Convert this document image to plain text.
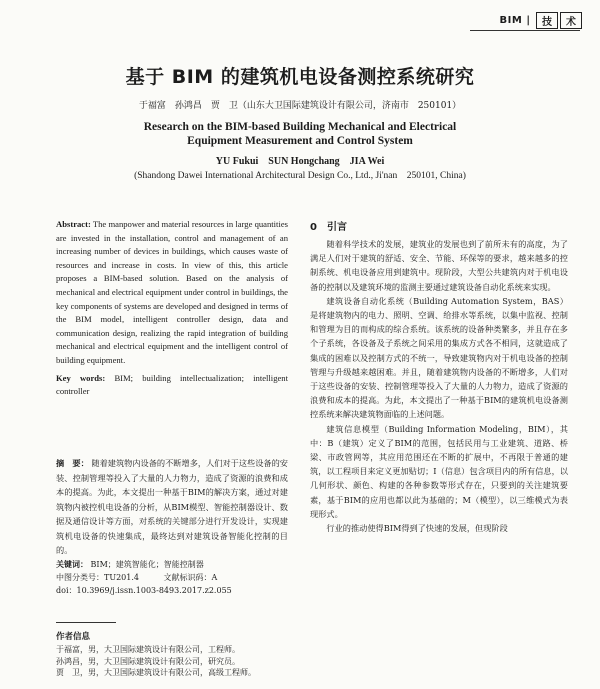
BIM |	技	术
基于 BIM 的建筑机电设备测控系统研究
于福富　孙鸿昌　贾　卫（山东大卫国际建筑设计有限公司，济南市　250101）
Research on the BIM-based Building Mechanical and Electrical
Equipment Measurement and Control System
YU Fukui　SUN Hongchang　JIA Wei
(Shandong Dawei International Architectural Design Co., Ltd., Ji'nan　250101, China)
Abstract: The manpower and material resources in large quantities are invested in the installation, control and management of an increasing number of devices in buildings, which causes waste of resources and increase in costs. In view of this, this article proposes a BIM-based solution. Based on the analysis of mechanical and electrical equipment under control in buildings, the key components of systems are developed and designed in terms of the BIM model, intelligent controller design, data and communication design, realizing the rapid integration of building mechanical and electrical equipment and the intelligent control of building equipment.
Key words: BIM; building intellectualization; intelligent controller
摘　要： 随着建筑物内设备的不断增多，人们对于这些设备的安装、控制管理等投入了大量的人力物力，造成了资源的浪费和成本的提高。为此，本文提出一种基于BIM的解决方案，通过对建筑物内被控机电设备的分析，从BIM模型、智能控制器设计、数据及通信设计等方面，对系统的关键部分进行开发设计，实现建筑机电设备的快速集成，最终达到对建筑设备智能化控制的目的。
关键词： BIM；建筑智能化；智能控制器
中图分类号：TU201.4	文献标识码：A
doi：10.3969/j.issn.1003-8493.2017.z2.055
0　引言

随着科学技术的发展，建筑业的发展也到了前所未有的高度，为了满足人们对于建筑的舒适、安全、节能、环保等的要求，越来越多的控制系统、机电设备应用到建筑中。现阶段，大型公共建筑内对于机电设备的控制以及建筑环境的监测主要通过建筑设备自动化系统来实现。

建筑设备自动化系统（Building Automation System，BAS）是将建筑物内的电力、照明、空调、给排水等系统，以集中监视、控制和管理为目的而构成的综合系统。该系统的设备种类繁多，并且存在多个子系统，各设备及子系统之间采用的集成方式各不相同，这就造成了集成的困难以及控制方式的不统一，导致建筑物内对于机电设备的控制管理与升级越来越困难。并且，随着建筑物内设备的不断增多，人们对于这些设备的安装、控制管理等投入了大量的人力物力，造成了资源的浪费和成本的提高。为此，本文提出了一种基于BIM的建筑机电设备测控系统来解决建筑物面临的上述问题。

建筑信息模型（Building Information Modeling，BIM），其中：B（建筑）定义了BIM的范围，包括民用与工业建筑、道路、桥梁、市政管网等，其应用范围还在不断的扩展中，不再限于普通的建筑，以工程项目来定义更加贴切；I（信息）包含项目内的所有信息，以几何形状、颜色、构建的各种参数等形式存在，只要到的关注建筑要素，基于BIM的应用也都以此为基础的；M（模型），以三维模式为表现形式。

行业的推动使得BIM得到了快速的发展，但现阶段

作者信息
于福富，男，大卫国际建筑设计有限公司，工程师。
孙鸿昌，男，大卫国际建筑设计有限公司，研究员。
贾　卫，男，大卫国际建筑设计有限公司，高级工程师。
